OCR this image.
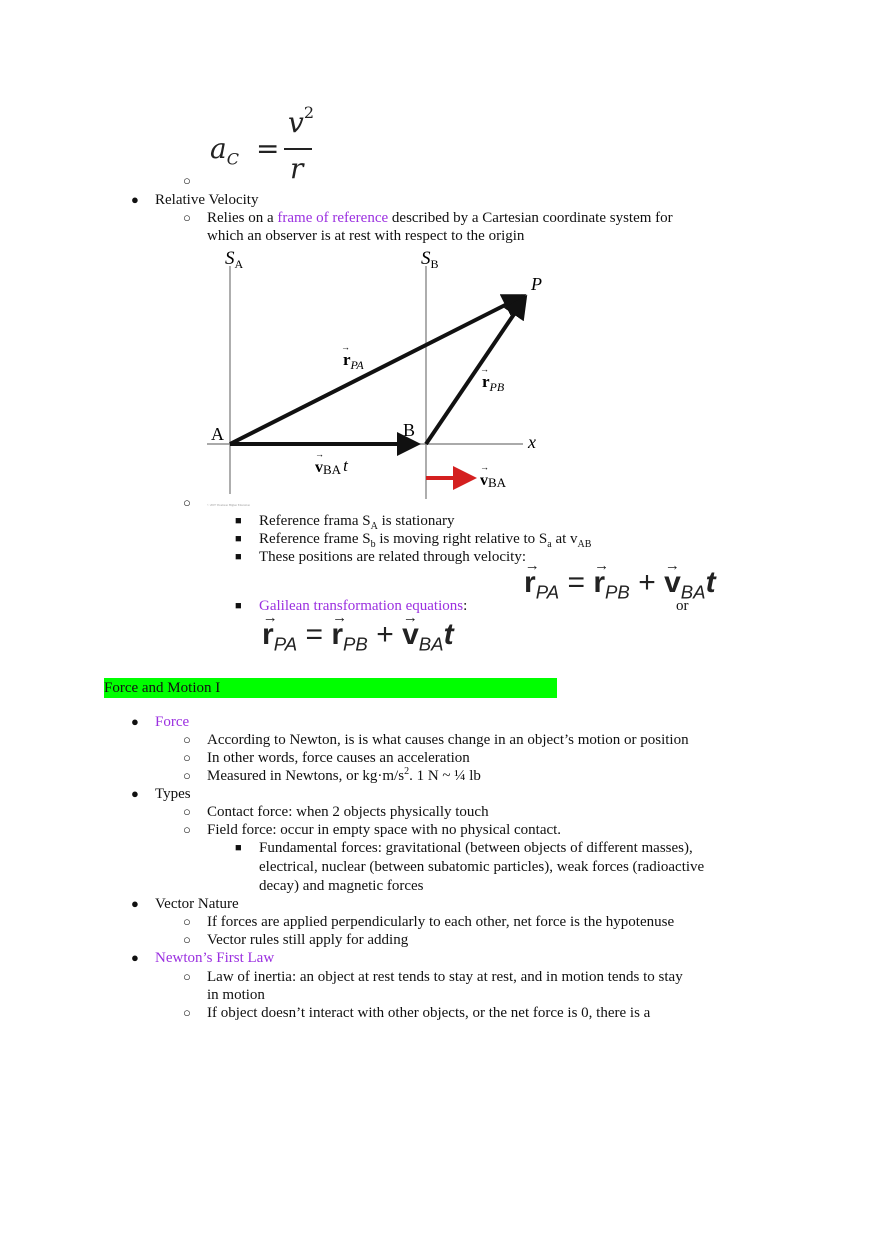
$a_C$ =
$v^2$
r
○
● Relative Velocity
○ Relies on a frame of reference described by a Cartesian coordinate system for
which an observer is at rest with respect to the origin
$S_A$	$S_B$
P
A	B
x
$r_{PA}$
→
$r_{PB}$
→
vBA t
→
vBA
→
© 2007 Thomson Higher Education
○
■ Reference frama $S_A$ is stationary
■ Reference frame $S_b$ is moving right relative to $S_a$ at $v_{AB}$
■ These positions are related through velocity:
→ $r_{PA}$ = → $r_{PB}$ + → $v_{BA}t$
or
■ Galilean transformation equations:
→ $r_{PA}$ = → $r_{PB}$ + → $v_{BA}t$
Force and Motion I
● Force
○ According to Newton, is is what causes change in an object’s motion or position
○ In other words, force causes an acceleration
○ Measured in Newtons, or $kg\cdot m/s^2$. 1 N ~ ¼ lb
● Types
○ Contact force: when 2 objects physically touch
○ Field force: occur in empty space with no physical contact.
■ Fundamental forces: gravitational (between objects of different masses),
electrical, nuclear (between subatomic particles), weak forces (radioactive
decay) and magnetic forces
● Vector Nature
○ If forces are applied perpendicularly to each other, net force is the hypotenuse
○ Vector rules still apply for adding
● Newton’s First Law
○ Law of inertia: an object at rest tends to stay at rest, and in motion tends to stay
in motion
○ If object doesn’t interact with other objects, or the net force is 0, there is a
